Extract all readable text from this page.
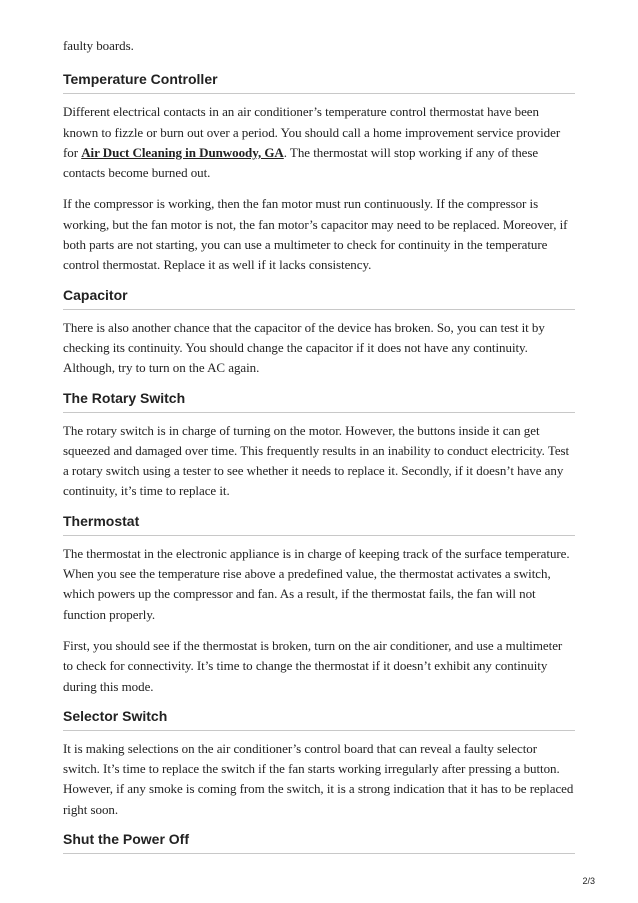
faulty boards.

Temperature Controller

Different electrical contacts in an air conditioner’s temperature control thermostat have been known to fizzle or burn out over a period. You should call a home improvement service provider for Air Duct Cleaning in Dunwoody, GA. The thermostat will stop working if any of these contacts become burned out.

If the compressor is working, then the fan motor must run continuously. If the compressor is working, but the fan motor is not, the fan motor’s capacitor may need to be replaced. Moreover, if both parts are not starting, you can use a multimeter to check for continuity in the temperature control thermostat. Replace it as well if it lacks consistency.

Capacitor

There is also another chance that the capacitor of the device has broken. So, you can test it by checking its continuity. You should change the capacitor if it does not have any continuity. Although, try to turn on the AC again.

The Rotary Switch

The rotary switch is in charge of turning on the motor. However, the buttons inside it can get squeezed and damaged over time. This frequently results in an inability to conduct electricity. Test a rotary switch using a tester to see whether it needs to replace it. Secondly, if it doesn’t have any continuity, it’s time to replace it.

Thermostat

The thermostat in the electronic appliance is in charge of keeping track of the surface temperature. When you see the temperature rise above a predefined value, the thermostat activates a switch, which powers up the compressor and fan. As a result, if the thermostat fails, the fan will not function properly.

First, you should see if the thermostat is broken, turn on the air conditioner, and use a multimeter to check for connectivity. It’s time to change the thermostat if it doesn’t exhibit any continuity during this mode.

Selector Switch

It is making selections on the air conditioner’s control board that can reveal a faulty selector switch. It’s time to replace the switch if the fan starts working irregularly after pressing a button. However, if any smoke is coming from the switch, it is a strong indication that it has to be replaced right soon.

Shut the Power Off
2/3
